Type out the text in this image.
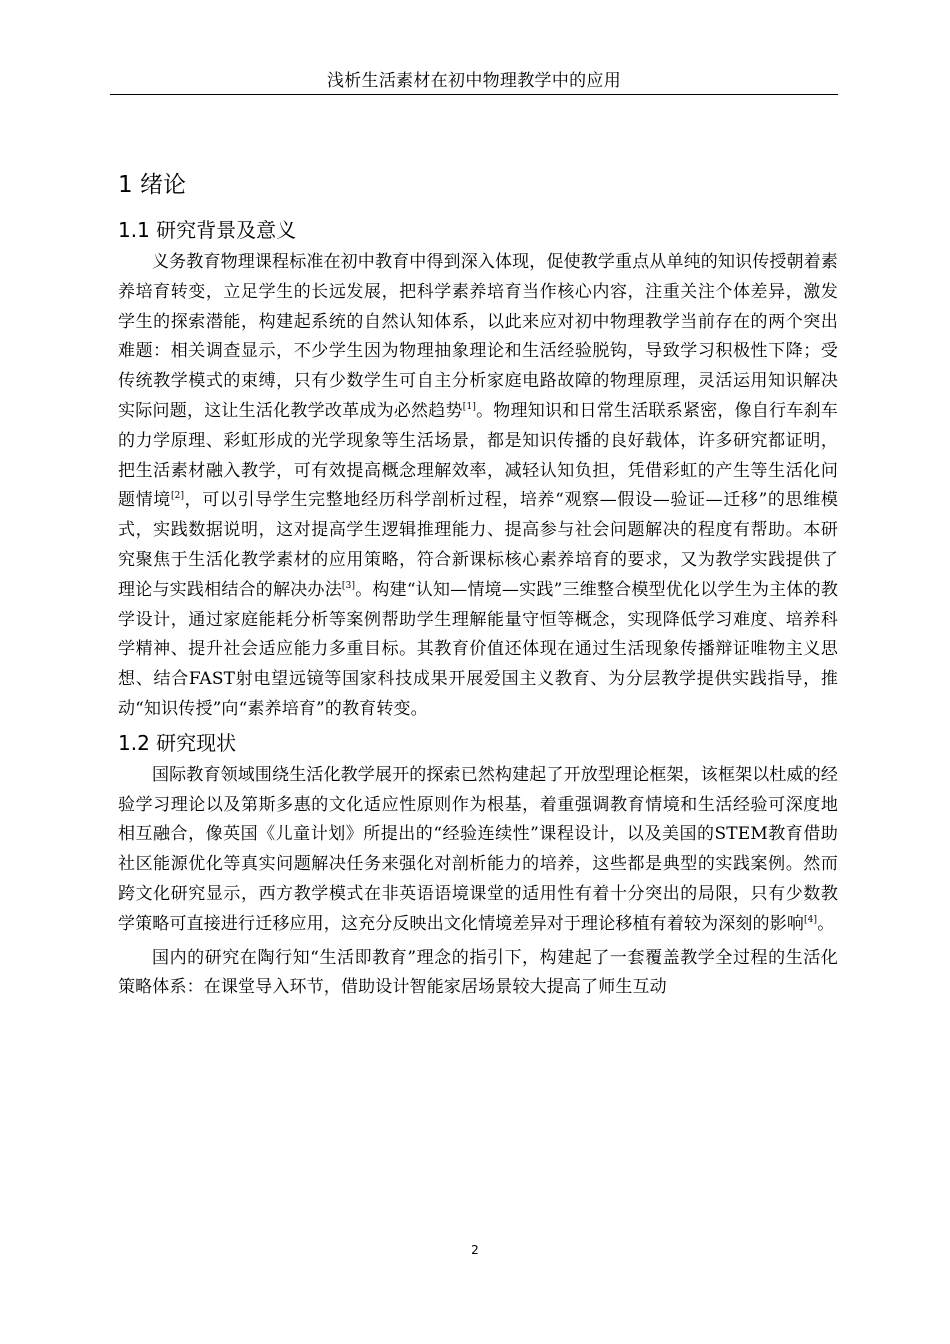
浅析生活素材在初中物理教学中的应用
1 绪论
1.1 研究背景及意义

义务教育物理课程标准在初中教育中得到深入体现，促使教学重点从单纯的知识传授朝着素养培育转变，立足学生的长远发展，把科学素养培育当作核心内容，注重关注个体差异，激发学生的探索潜能，构建起系统的自然认知体系，以此来应对初中物理教学当前存在的两个突出难题：相关调查显示，不少学生因为物理抽象理论和生活经验脱钩，导致学习积极性下降；受传统教学模式的束缚，只有少数学生可自主分析家庭电路故障的物理原理，灵活运用知识解决实际问题，这让生活化教学改革成为必然趋势[1]。物理知识和日常生活联系紧密，像自行车刹车的力学原理、彩虹形成的光学现象等生活场景，都是知识传播的良好载体，许多研究都证明，把生活素材融入教学，可有效提高概念理解效率，减轻认知负担，凭借彩虹的产生等生活化问题情境[2]，可以引导学生完整地经历科学剖析过程，培养“观察—假设—验证—迁移”的思维模式，实践数据说明，这对提高学生逻辑推理能力、提高参与社会问题解决的程度有帮助。本研究聚焦于生活化教学素材的应用策略，符合新课标核心素养培育的要求，又为教学实践提供了理论与实践相结合的解决办法[3]。构建“认知—情境—实践”三维整合模型优化以学生为主体的教学设计，通过家庭能耗分析等案例帮助学生理解能量守恒等概念，实现降低学习难度、培养科学精神、提升社会适应能力多重目标。其教育价值还体现在通过生活现象传播辩证唯物主义思想、结合FAST射电望远镜等国家科技成果开展爱国主义教育、为分层教学提供实践指导，推动“知识传授”向“素养培育”的教育转变。

1.2 研究现状

国际教育领域围绕生活化教学展开的探索已然构建起了开放型理论框架，该框架以杜威的经验学习理论以及第斯多惠的文化适应性原则作为根基，着重强调教育情境和生活经验可深度地相互融合，像英国《儿童计划》所提出的“经验连续性”课程设计，以及美国的STEM教育借助社区能源优化等真实问题解决任务来强化对剖析能力的培养，这些都是典型的实践案例。然而跨文化研究显示，西方教学模式在非英语语境课堂的适用性有着十分突出的局限，只有少数教学策略可直接进行迁移应用，这充分反映出文化情境差异对于理论移植有着较为深刻的影响[4]。

国内的研究在陶行知“生活即教育”理念的指引下，构建起了一套覆盖教学全过程的生活化策略体系：在课堂导入环节，借助设计智能家居场景较大提高了师生互动

2
